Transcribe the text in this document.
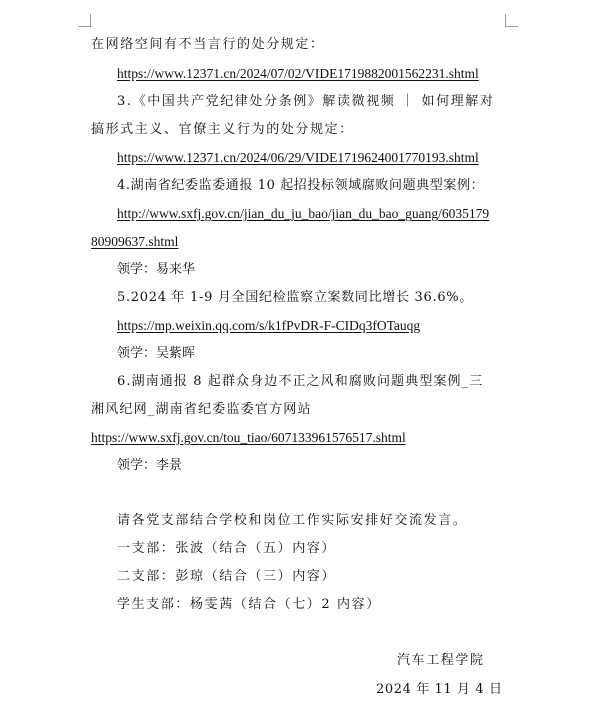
在网络空间有不当言行的处分规定：
https://www.12371.cn/2024/07/02/VIDE1719882001562231.shtml
3.《中国共产党纪律处分条例》解读微视频 ｜ 如何理解对
搞形式主义、官僚主义行为的处分规定：
https://www.12371.cn/2024/06/29/VIDE1719624001770193.shtml
4.湖南省纪委监委通报 10 起招投标领域腐败问题典型案例：
http://www.sxfj.gov.cn/jian_du_ju_bao/jian_du_bao_guang/6035179
80909637.shtml
领学：易来华
5.2024 年 1-9 月全国纪检监察立案数同比增长 36.6%。
https://mp.weixin.qq.com/s/k1fPvDR-F-CIDq3fOTauqg
领学：吴紫晖
6.湖南通报 8 起群众身边不正之风和腐败问题典型案例_三
湘风纪网_湖南省纪委监委官方网站
https://www.sxfj.gov.cn/tou_tiao/607133961576517.shtml
领学：李景
请各党支部结合学校和岗位工作实际安排好交流发言。
一支部：张波（结合（五）内容）
二支部：彭琼（结合（三）内容）
学生支部：杨雯茜（结合（七）2 内容）
汽车工程学院
2024 年 11 月 4 日
